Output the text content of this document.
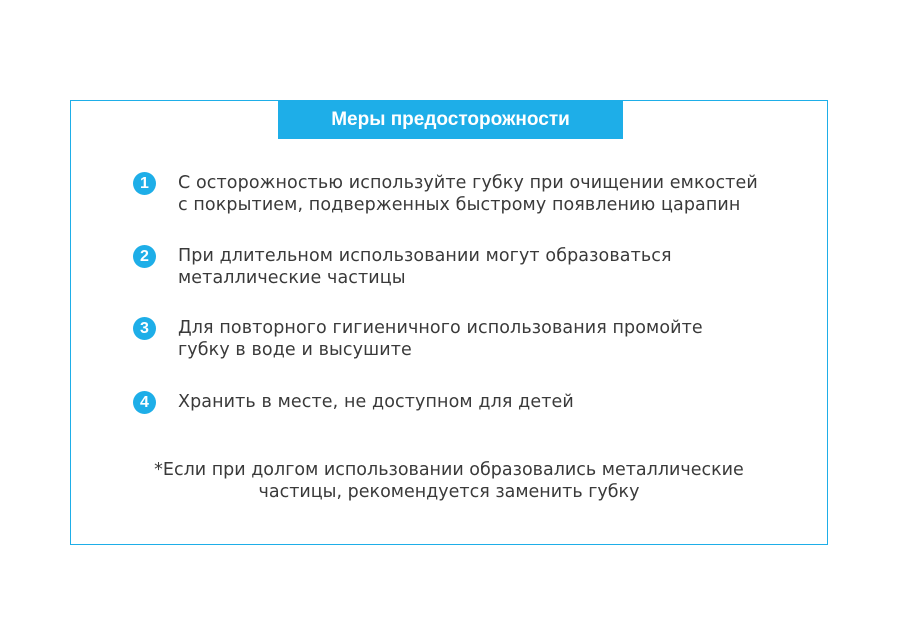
Меры предосторожности
1	С осторожностью используйте губку при очищении емкостей
с покрытием, подверженных быстрому появлению царапин
2	При длительном использовании могут образоваться
металлические частицы
3	Для повторного гигиеничного использования промойте
губку в воде и высушите
4	Хранить в месте, не доступном для детей
*Если при долгом использовании образовались металлические
частицы, рекомендуется заменить губку
